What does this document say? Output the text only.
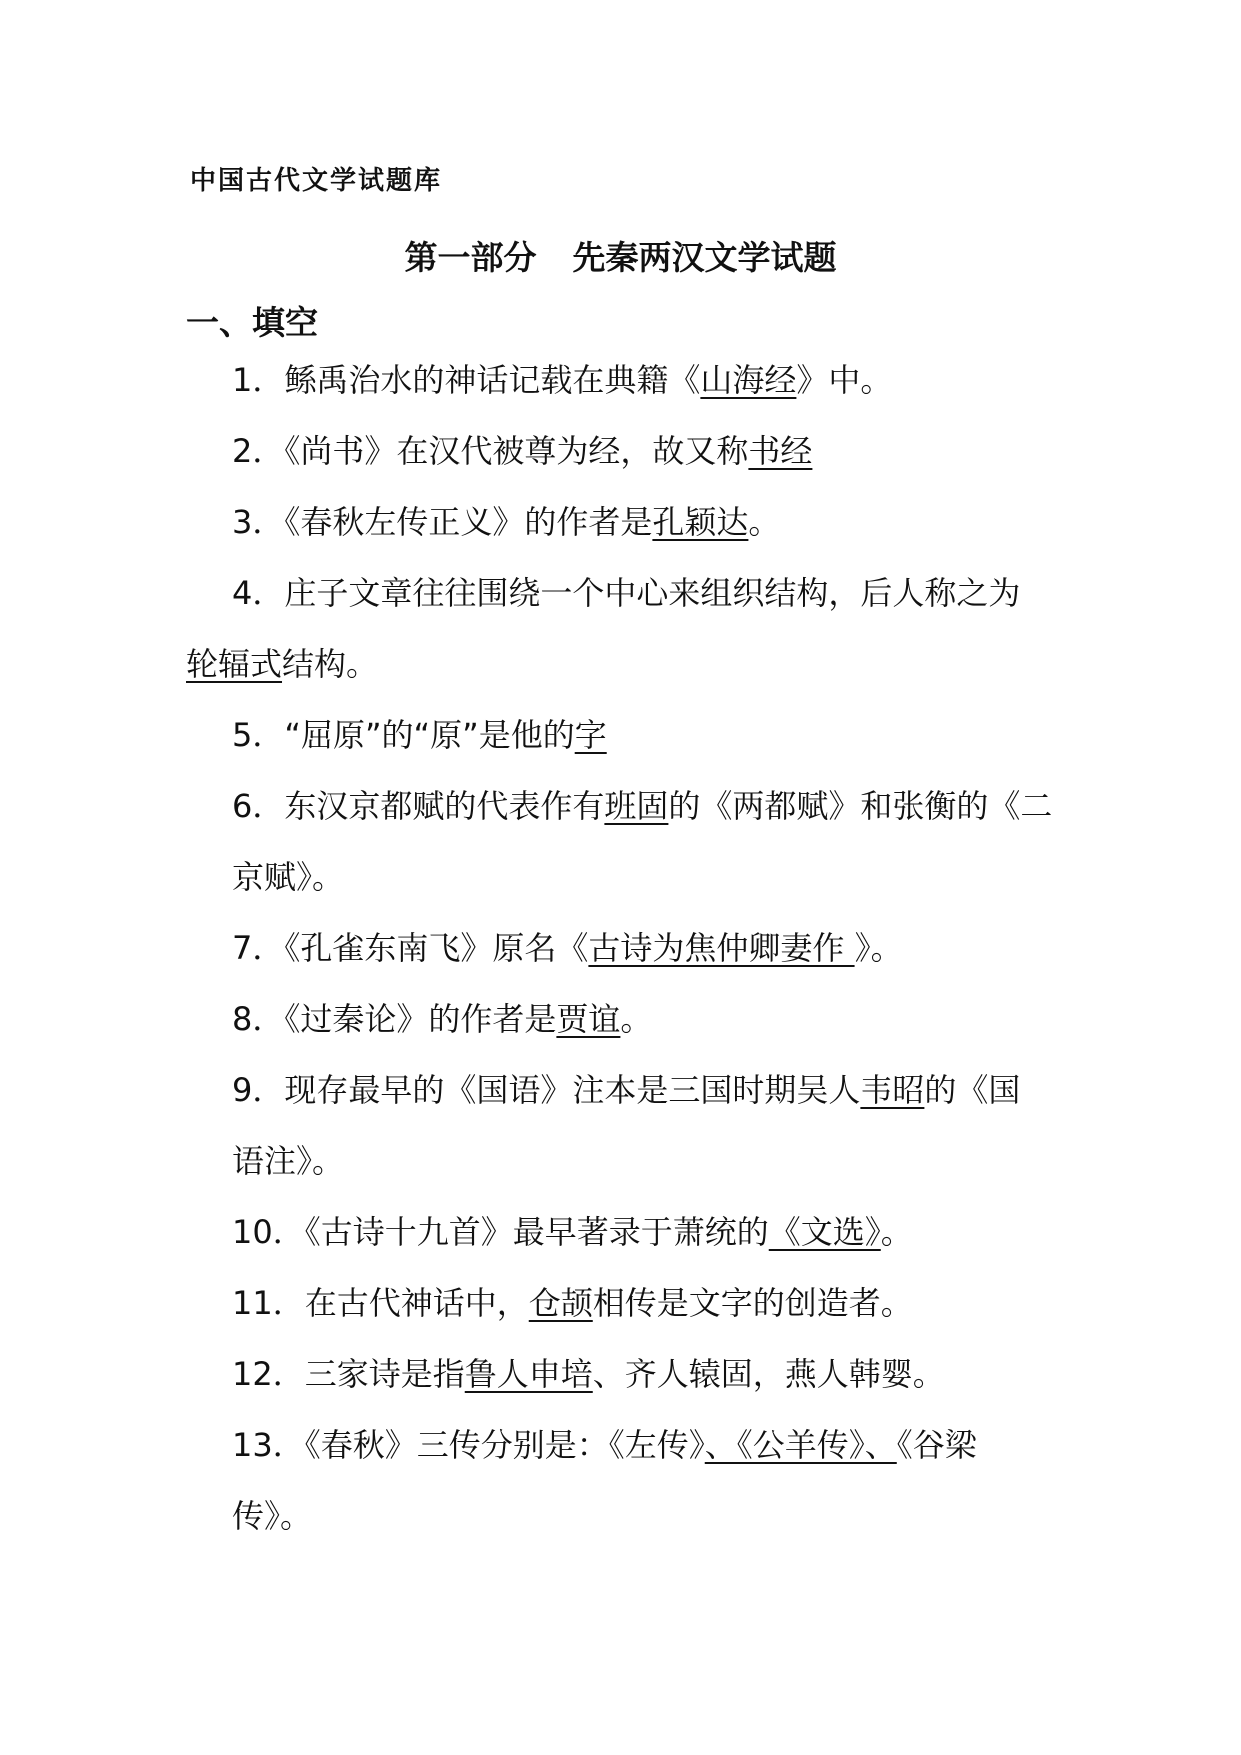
中国古代文学试题库
第一部分 先秦两汉文学试题
一、填空
1．鲧禹治水的神话记载在典籍《山海经》中。
2．《尚书》在汉代被尊为经，故又称书经
3．《春秋左传正义》的作者是孔颖达。
4．庄子文章往往围绕一个中心来组织结构，后人称之为
轮辐式结构。
5．“屈原”的“原”是他的字
6．东汉京都赋的代表作有班固的《两都赋》和张衡的《二
京赋》。
7．《孔雀东南飞》原名《古诗为焦仲卿妻作 》。
8．《过秦论》的作者是贾谊。
9．现存最早的《国语》注本是三国时期吴人韦昭的《国
语注》。
10．《古诗十九首》最早著录于萧统的《文选》。
11．在古代神话中，仓颉相传是文字的创造者。
12．三家诗是指鲁人申培、齐人辕固，燕人韩婴。
13．《春秋》三传分别是：《左传》、《公羊传》、《谷梁
传》。
